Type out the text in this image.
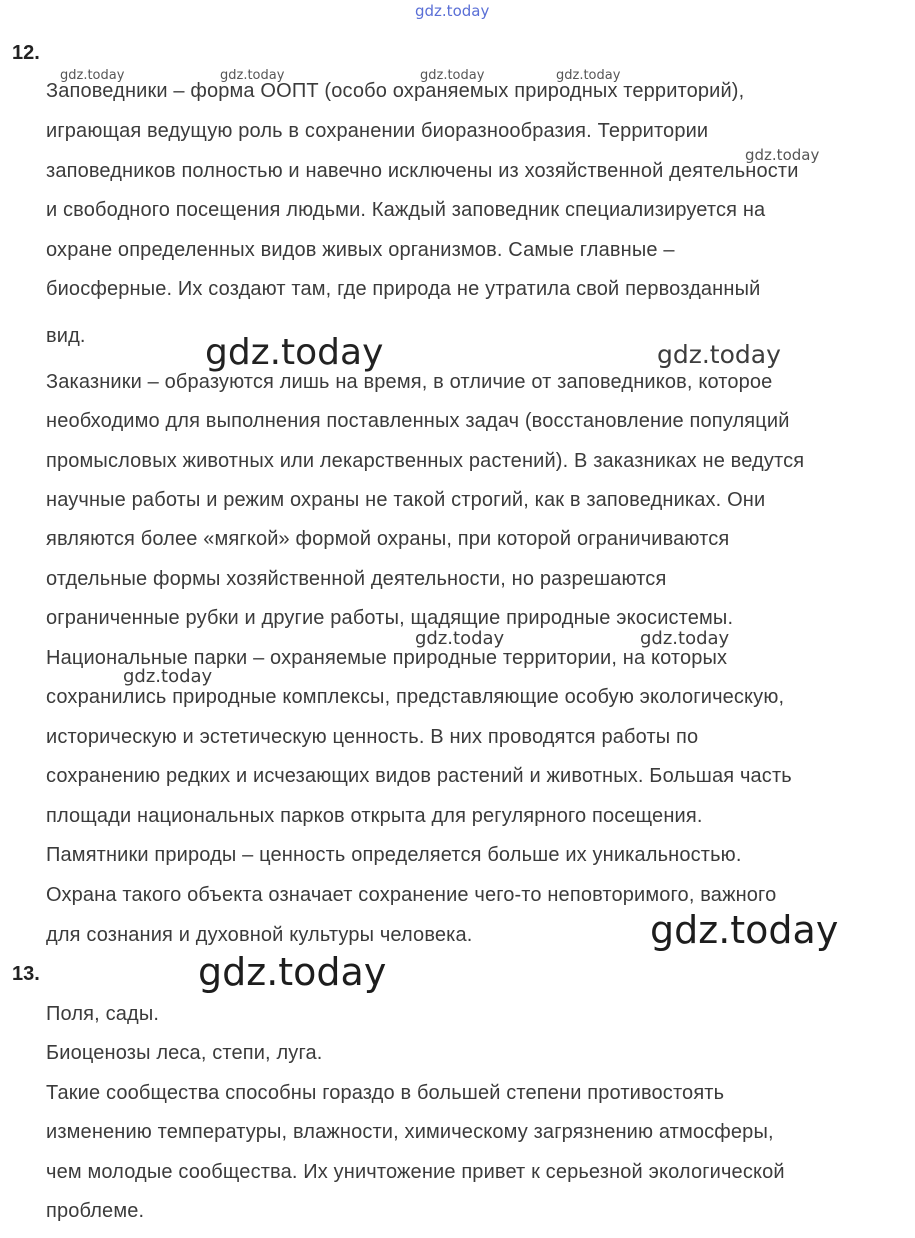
gdz.today
gdz.today	gdz.today	gdz.today	gdz.today
gdz.today
gdz.today	gdz.today
gdz.today	gdz.today
gdz.today
gdz.today
gdz.today
12.
Заповедники – форма ООПТ (особо охраняемых природных территорий),
играющая ведущую роль в сохранении биоразнообразия. Территории
заповедников полностью и навечно исключены из хозяйственной деятельности
и свободного посещения людьми. Каждый заповедник специализируется на
охране определенных видов живых организмов. Самые главные –
биосферные. Их создают там, где природа не утратила свой первозданный
вид.
Заказники – образуются лишь на время, в отличие от заповедников, которое
необходимо для выполнения поставленных задач (восстановление популяций
промысловых животных или лекарственных растений). В заказниках не ведутся
научные работы и режим охраны не такой строгий, как в заповедниках. Они
являются более «мягкой» формой охраны, при которой ограничиваются
отдельные формы хозяйственной деятельности, но разрешаются
ограниченные рубки и другие работы, щадящие природные экосистемы.
Национальные парки – охраняемые природные территории, на которых
сохранились природные комплексы, представляющие особую экологическую,
историческую и эстетическую ценность. В них проводятся работы по
сохранению редких и исчезающих видов растений и животных. Большая часть
площади национальных парков открыта для регулярного посещения.
Памятники природы – ценность определяется больше их уникальностью.
Охрана такого объекта означает сохранение чего-то неповторимого, важного
для сознания и духовной культуры человека.
13.
Поля, сады.
Биоценозы леса, степи, луга.
Такие сообщества способны гораздо в большей степени противостоять
изменению температуры, влажности, химическому загрязнению атмосферы,
чем молодые сообщества. Их уничтожение привет к серьезной экологической
проблеме.
